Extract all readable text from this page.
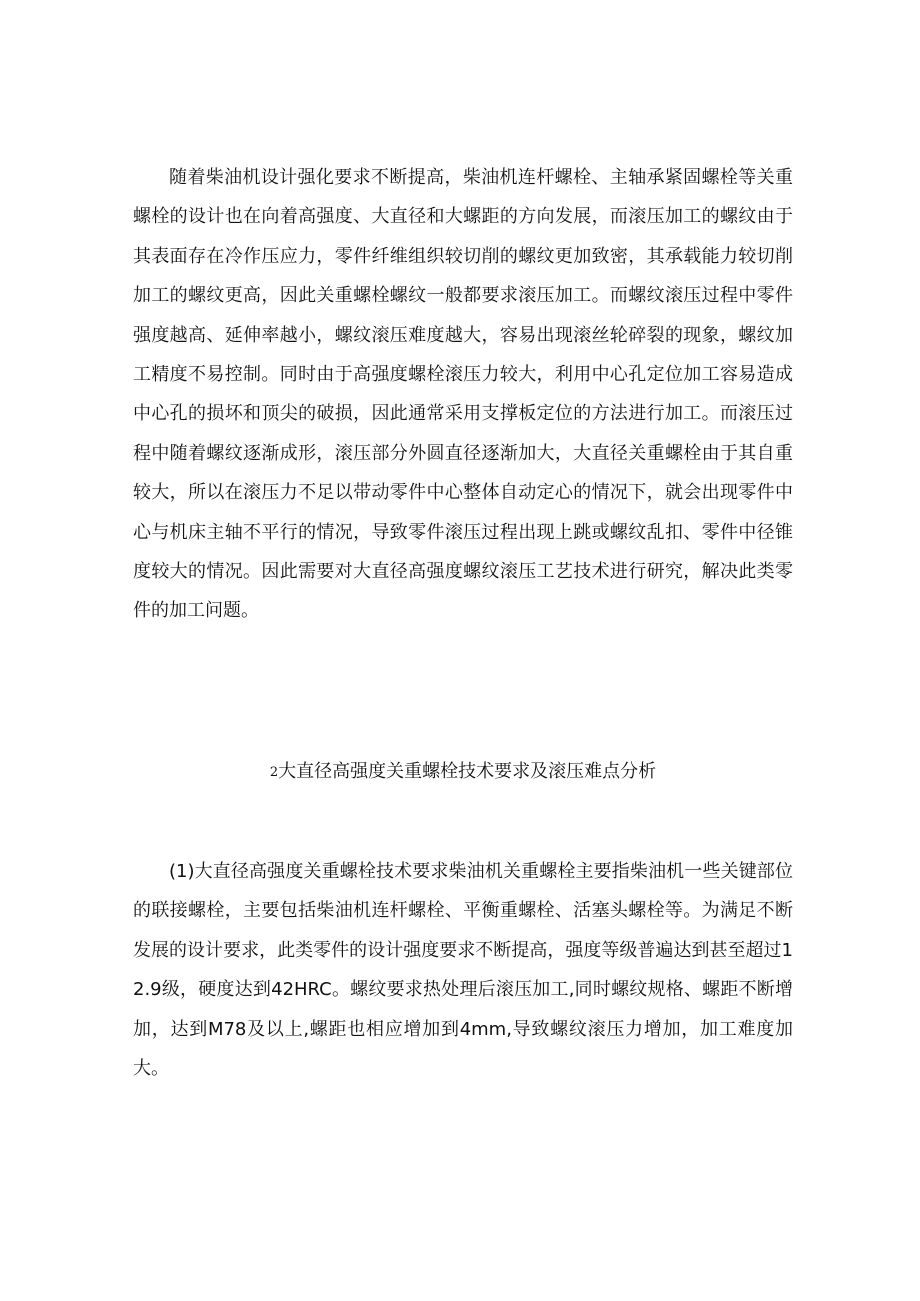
随着柴油机设计强化要求不断提高，柴油机连杆螺栓、主轴承紧固螺栓等关重螺栓的设计也在向着高强度、大直径和大螺距的方向发展，而滚压加工的螺纹由于其表面存在冷作压应力，零件纤维组织较切削的螺纹更加致密，其承载能力较切削加工的螺纹更高，因此关重螺栓螺纹一般都要求滚压加工。而螺纹滚压过程中零件强度越高、延伸率越小，螺纹滚压难度越大，容易出现滚丝轮碎裂的现象，螺纹加工精度不易控制。同时由于高强度螺栓滚压力较大，利用中心孔定位加工容易造成中心孔的损坏和顶尖的破损，因此通常采用支撑板定位的方法进行加工。而滚压过程中随着螺纹逐渐成形，滚压部分外圆直径逐渐加大，大直径关重螺栓由于其自重较大，所以在滚压力不足以带动零件中心整体自动定心的情况下，就会出现零件中心与机床主轴不平行的情况，导致零件滚压过程出现上跳或螺纹乱扣、零件中径锥度较大的情况。因此需要对大直径高强度螺纹滚压工艺技术进行研究，解决此类零件的加工问题。

2大直径高强度关重螺栓技术要求及滚压难点分析

(1)大直径高强度关重螺栓技术要求柴油机关重螺栓主要指柴油机一些关键部位的联接螺栓，主要包括柴油机连杆螺栓、平衡重螺栓、活塞头螺栓等。为满足不断发展的设计要求，此类零件的设计强度要求不断提高，强度等级普遍达到甚至超过12.9级，硬度达到42HRC。螺纹要求热处理后滚压加工,同时螺纹规格、螺距不断增加，达到M78及以上,螺距也相应增加到4mm,导致螺纹滚压力增加，加工难度加大。
